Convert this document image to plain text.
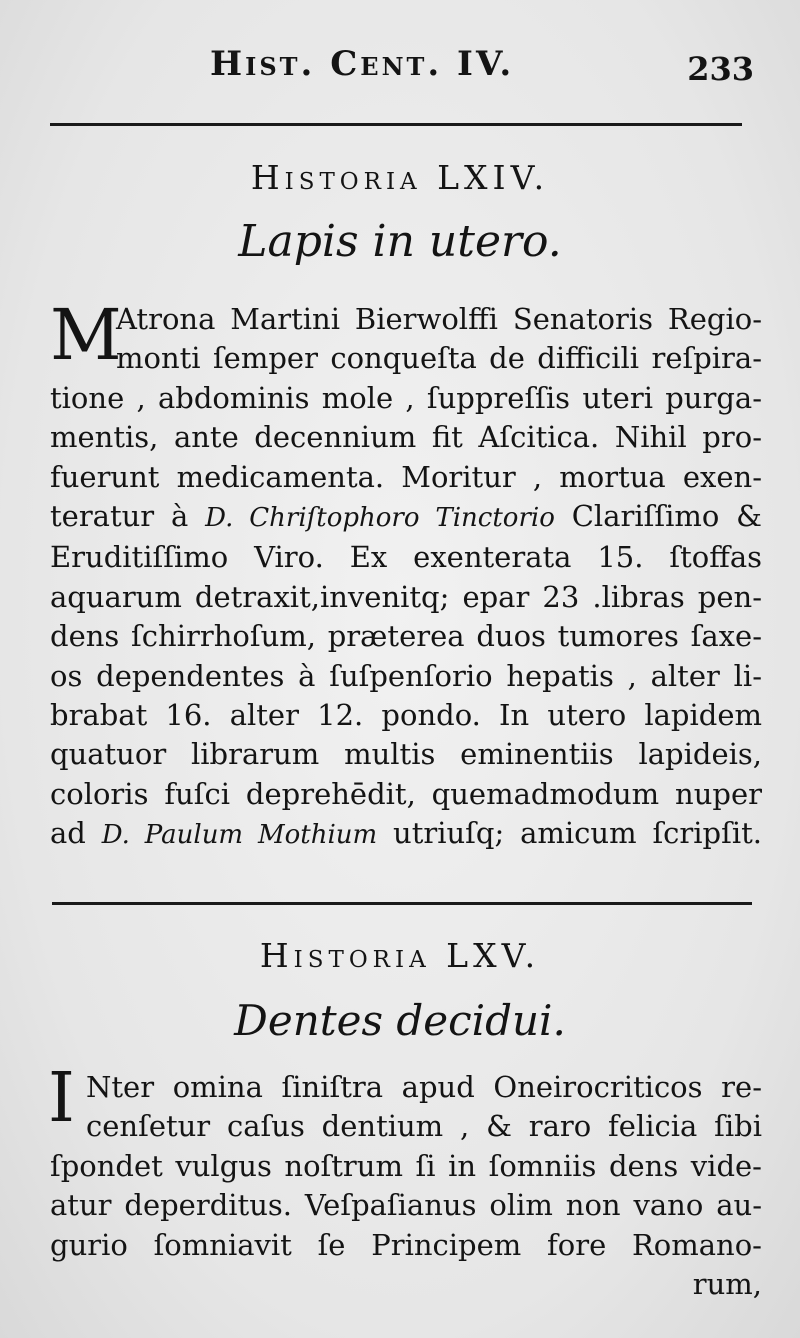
Hist. Cent. IV.	233
Historia LXIV.
Lapis in utero.
M
Atrona Martini Bierwolffi Senatoris Regio-
monti ſemper conqueſta de difficili reſpira-
tione , abdominis mole , ſuppreſſis uteri purga-
mentis, ante decennium fit Aſcitica. Nihil pro-
fuerunt medicamenta. Moritur , mortua exen-
teratur à D. Chriſtophoro Tinctorio Clariſſimo &
Eruditiſſimo Viro. Ex exenterata 15. ſtoffas
aquarum detraxit,invenitq; epar 23 .libras pen-
dens ſchirrhoſum, præterea duos tumores ſaxe-
os dependentes à ſuſpenſorio hepatis , alter li-
brabat 16. alter 12. pondo. In utero lapidem
quatuor librarum multis eminentiis lapideis,
coloris fuſci deprehēdit, quemadmodum nuper
ad D. Paulum Mothium utriuſq; amicum ſcripſit.
Historia LXV.
Dentes decidui.
I Nter omina ſiniſtra apud Oneirocriticos re-
cenſetur caſus dentium , & raro felicia ſibi
ſpondet vulgus noſtrum ſi in ſomniis dens vide-
atur deperditus. Veſpaſianus olim non vano au-
gurio ſomniavit ſe Principem fore Romano-
rum,
